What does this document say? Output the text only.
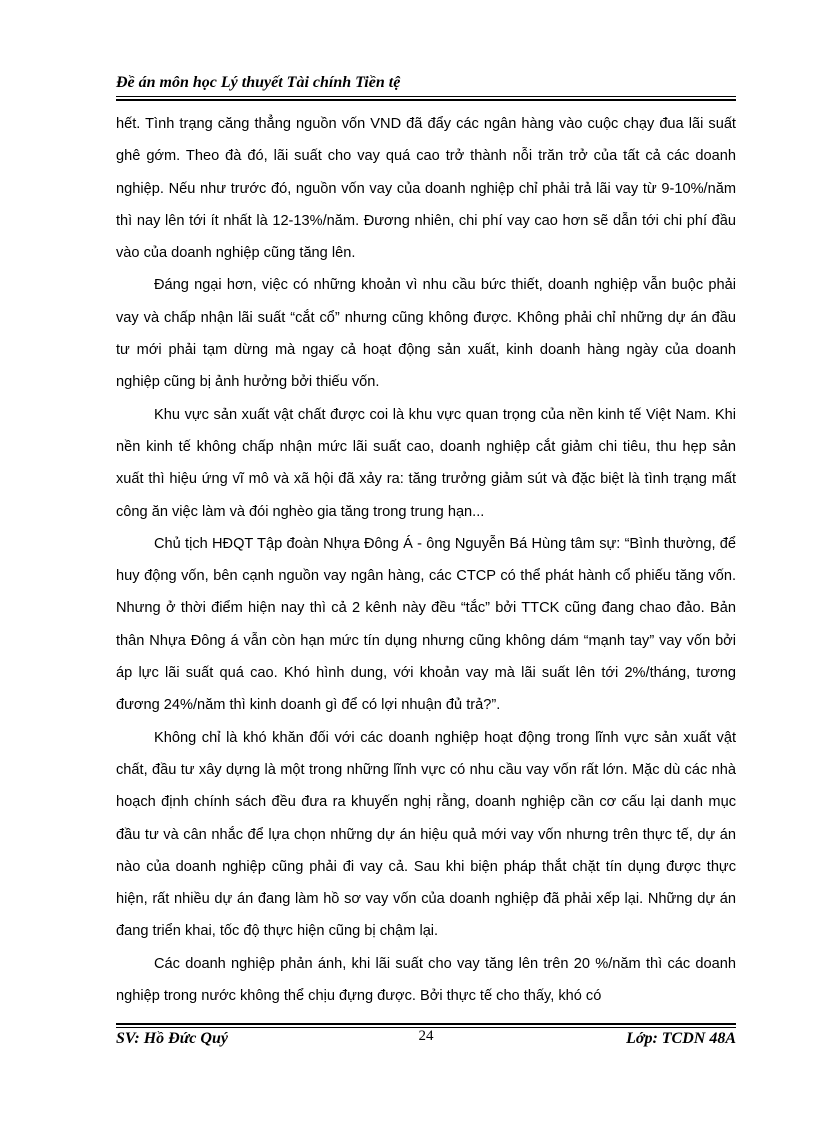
Đề án môn học Lý thuyết Tài chính Tiền tệ

hết. Tình trạng căng thẳng nguồn vốn VND đã đẩy các ngân hàng vào cuộc chạy đua lãi suất ghê gớm. Theo đà đó, lãi suất cho vay quá cao trở thành nỗi trăn trở của tất cả các doanh nghiệp. Nếu như trước đó, nguồn vốn vay của doanh nghiệp chỉ phải trả lãi vay từ 9-10%/năm thì nay lên tới ít nhất là 12-13%/năm. Đương nhiên, chi phí vay cao hơn sẽ dẫn tới chi phí đầu vào của doanh nghiệp cũng tăng lên.

Đáng ngại hơn, việc có những khoản vì nhu cầu bức thiết, doanh nghiệp vẫn buộc phải vay và chấp nhận lãi suất “cắt cổ” nhưng cũng không được. Không phải chỉ những dự án đầu tư mới phải tạm dừng mà ngay cả hoạt động sản xuất, kinh doanh hàng ngày của doanh nghiệp cũng bị ảnh hưởng bởi thiếu vốn.

Khu vực sản xuất vật chất được coi là khu vực quan trọng của nền kinh tế Việt Nam. Khi nền kinh tế không chấp nhận mức lãi suất cao, doanh nghiệp cắt giảm chi tiêu, thu hẹp sản xuất thì hiệu ứng vĩ mô và xã hội đã xảy ra: tăng trưởng giảm sút và đặc biệt là tình trạng mất công ăn việc làm và đói nghèo gia tăng trong trung hạn...

Chủ tịch HĐQT Tập đoàn Nhựa Đông Á - ông Nguyễn Bá Hùng tâm sự: “Bình thường, để huy động vốn, bên cạnh nguồn vay ngân hàng, các CTCP có thể phát hành cổ phiếu tăng vốn. Nhưng ở thời điểm hiện nay thì cả 2 kênh này đều “tắc” bởi TTCK cũng đang chao đảo. Bản thân Nhựa Đông á vẫn còn hạn mức tín dụng nhưng cũng không dám “mạnh tay” vay vốn bởi áp lực lãi suất quá cao. Khó hình dung, với khoản vay mà lãi suất lên tới 2%/tháng, tương đương 24%/năm thì kinh doanh gì để có lợi nhuận đủ trả?”.

Không chỉ là khó khăn đối với các doanh nghiệp hoạt động trong lĩnh vực sản xuất vật chất, đầu tư xây dựng là một trong những lĩnh vực có nhu cầu vay vốn rất lớn. Mặc dù các nhà hoạch định chính sách đều đưa ra khuyến nghị rằng, doanh nghiệp cần cơ cấu lại danh mục đầu tư và cân nhắc để lựa chọn những dự án hiệu quả mới vay vốn nhưng trên thực tế, dự án nào của doanh nghiệp cũng phải đi vay cả. Sau khi biện pháp thắt chặt tín dụng được thực hiện, rất nhiều dự án đang làm hồ sơ vay vốn của doanh nghiệp đã phải xếp lại. Những dự án đang triển khai, tốc độ thực hiện cũng bị chậm lại.

Các doanh nghiệp phản ánh, khi lãi suất cho vay tăng lên trên 20 %/năm thì các doanh nghiệp trong nước không thể chịu đựng được. Bởi thực tế cho thấy, khó có

SV: Hồ Đức Quý	24	Lớp: TCDN 48A
